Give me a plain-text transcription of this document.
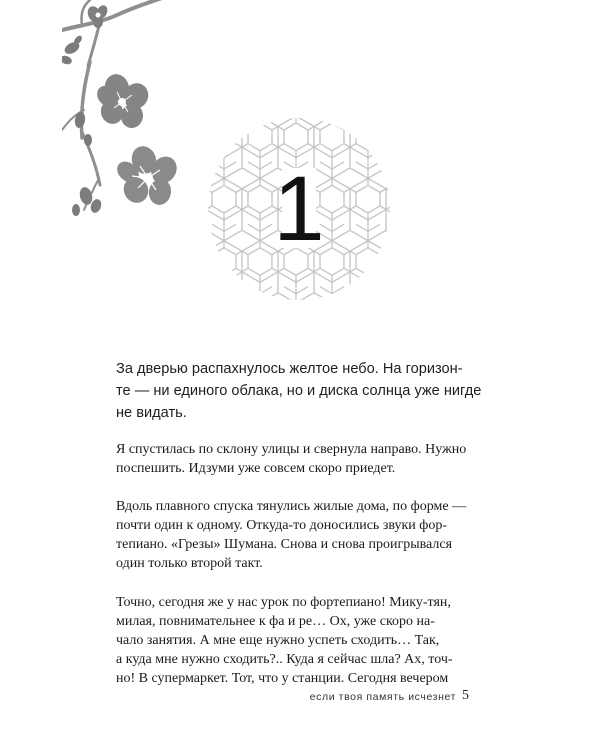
1
За дверью распахнулось желтое небо. На горизон-
те — ни единого облака, но и диска солнца уже нигде
не видать.
Я спустилась по склону улицы и свернула направо. Нужно
поспешить. Идзуми уже совсем скоро приедет.
Вдоль плавного спуска тянулись жилые дома, по форме —
почти один к одному. Откуда-то доносились звуки фор-
тепиано. «Грезы» Шумана. Снова и снова проигрывался
один только второй такт.
Точно, сегодня же у нас урок по фортепиано! Мику-тян,
милая, повнимательнее к фа и ре… Ох, уже скоро на-
чало занятия. А мне еще нужно успеть сходить… Так,
а куда мне нужно сходить?.. Куда я сейчас шла? Ах, точ-
но! В супермаркет. Тот, что у станции. Сегодня вечером
если твоя память исчезнет 5
